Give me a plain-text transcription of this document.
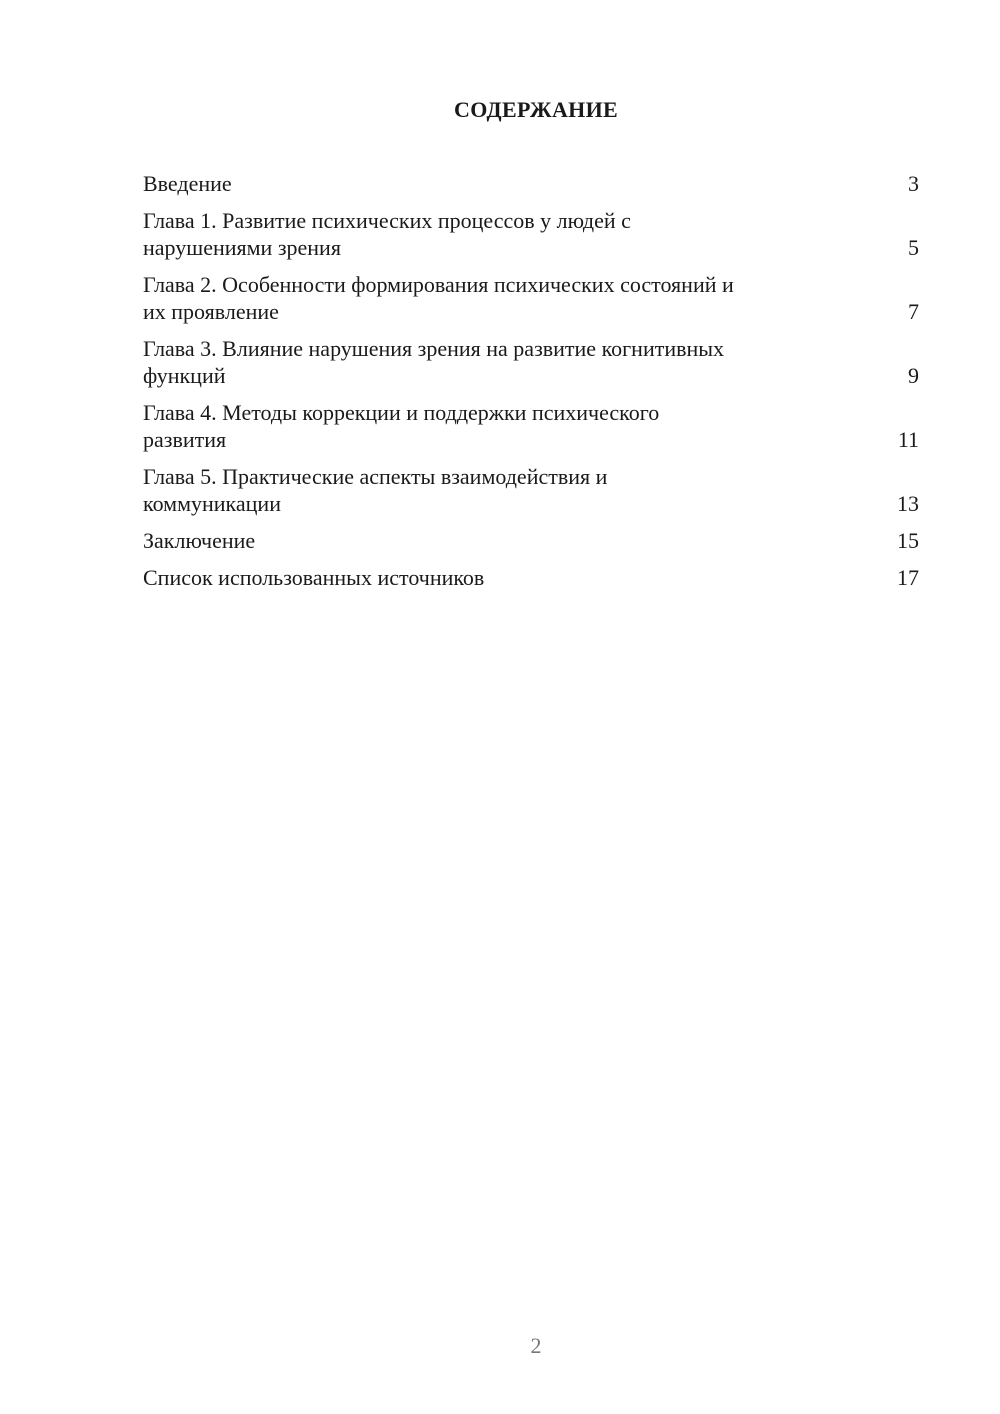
СОДЕРЖАНИЕ
Введение	3
Глава 1. Развитие психических процессов у людей с
нарушениями зрения	5
Глава 2. Особенности формирования психических состояний и
их проявление	7
Глава 3. Влияние нарушения зрения на развитие когнитивных
функций	9
Глава 4. Методы коррекции и поддержки психического
развития	11
Глава 5. Практические аспекты взаимодействия и
коммуникации	13
Заключение	15
Список использованных источников	17
2
